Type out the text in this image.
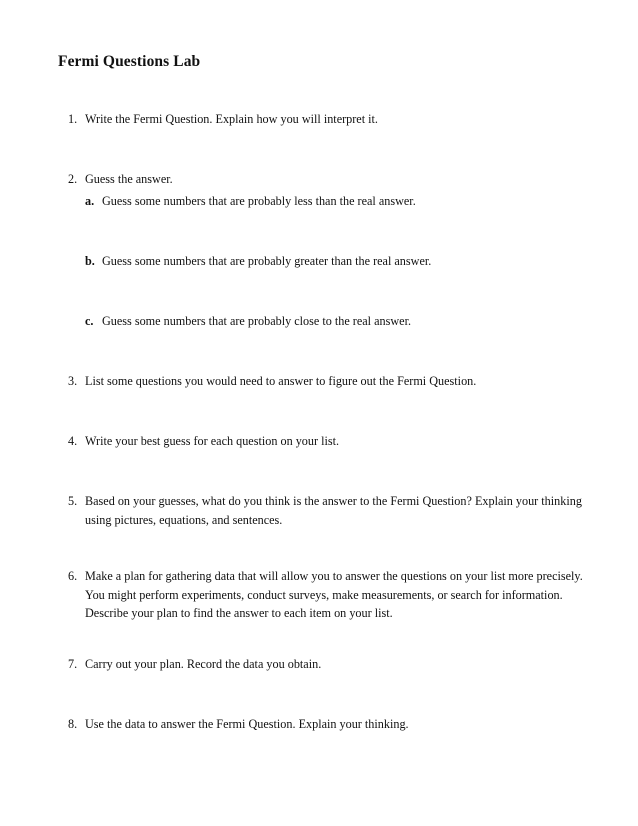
Fermi Questions Lab
1. Write the Fermi Question. Explain how you will interpret it.
2. Guess the answer.
a. Guess some numbers that are probably less than the real answer.
b. Guess some numbers that are probably greater than the real answer.
c. Guess some numbers that are probably close to the real answer.
3. List some questions you would need to answer to figure out the Fermi Question.
4. Write your best guess for each question on your list.
5. Based on your guesses, what do you think is the answer to the Fermi Question? Explain your thinking using pictures, equations, and sentences.
6. Make a plan for gathering data that will allow you to answer the questions on your list more precisely. You might perform experiments, conduct surveys, make measurements, or search for information. Describe your plan to find the answer to each item on your list.
7. Carry out your plan. Record the data you obtain.
8. Use the data to answer the Fermi Question. Explain your thinking.
